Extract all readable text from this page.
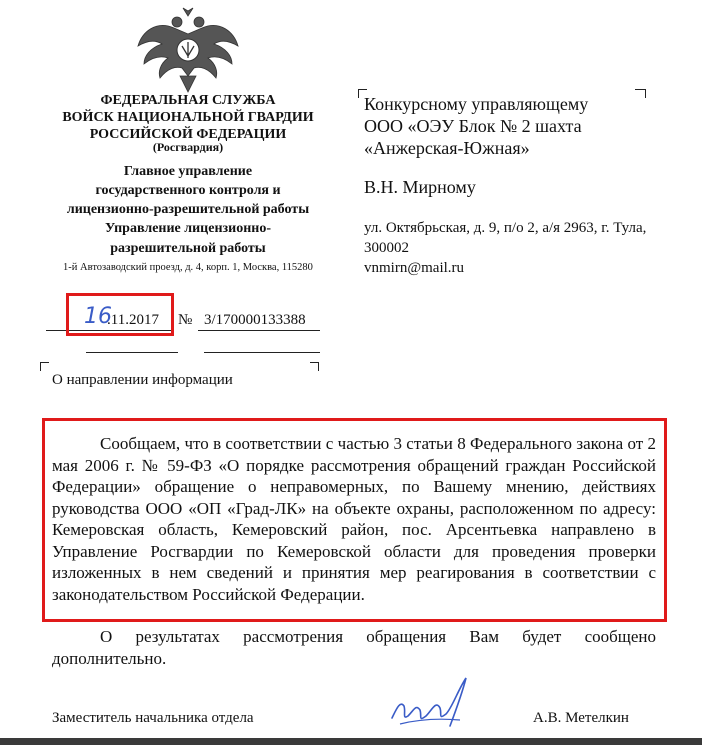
ФЕДЕРАЛЬНАЯ СЛУЖБА
ВОЙСК НАЦИОНАЛЬНОЙ ГВАРДИИ
РОССИЙСКОЙ ФЕДЕРАЦИИ
(Росгвардия)
Главное управление
государственного контроля и
лицензионно-разрешительной работы
Управление лицензионно-
разрешительной работы
1-й Автозаводский проезд, д. 4, корп. 1, Москва, 115280
Конкурсному управляющему
ООО «ОЭУ Блок № 2 шахта
«Анжерская-Южная»
В.Н. Мирному
ул. Октябрьская, д. 9, п/о 2, а/я 2963, г. Тула, 300002
vnmirn@mail.ru
16
.11.2017 № 3/170000133388
О направлении информации
Сообщаем, что в соответствии с частью 3 статьи 8 Федерального закона от 2 мая 2006 г. № 59-ФЗ «О порядке рассмотрения обращений граждан Российской Федерации» обращение о неправомерных, по Вашему мнению, действиях руководства ООО «ОП «Град-ЛК» на объекте охраны, расположенном по адресу: Кемеровская область, Кемеровский район, пос. Арсентьевка направлено в Управление Росгвардии по Кемеровской области для проведения проверки изложенных в нем сведений и принятия мер реагирования в соответствии с законодательством Российской Федерации.
О результатах рассмотрения обращения Вам будет сообщено дополнительно.
Заместитель начальника отдела	А.В. Метелкин
